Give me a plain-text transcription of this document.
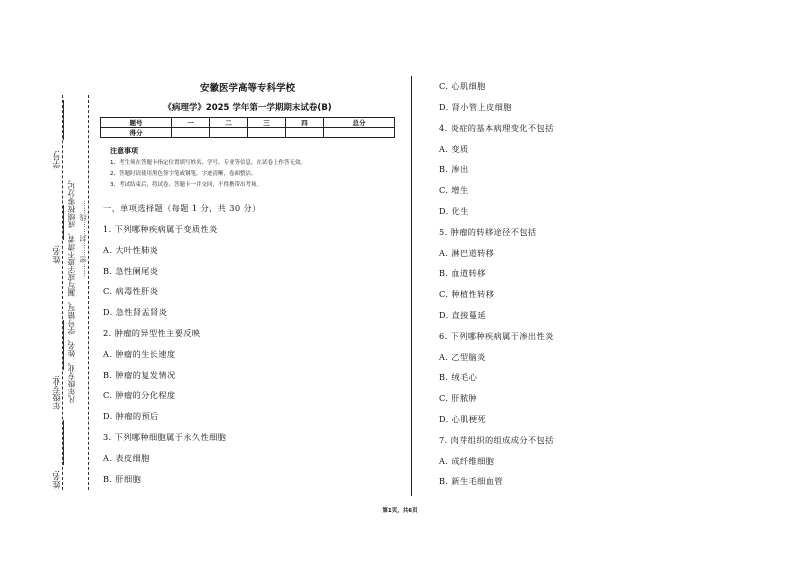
学号:
姓名:
年级专业:
姓名:
凡年级专业、姓名、学号错写、漏写或字迹不清者，成绩按零分记。 ……密……封……线……
安徽医学高等专科学校
《病理学》2025 学年第一学期期末试卷(B)
题号	一	二	三	四	总分
得分					
注意事项
1、考生须在答题卡指定位置填写姓名、学号、专业等信息，在试卷上作答无效。
2、答题时请使用黑色签字笔或钢笔，字迹清晰，卷面整洁。
3、考试结束后，将试卷、答题卡一并交回，不得携带出考场。
一、单项选择题（每题 1 分，共 30 分）
1. 下列哪种疾病属于变质性炎
A. 大叶性肺炎
B. 急性阑尾炎
C. 病毒性肝炎
D. 急性肾盂肾炎
2. 肿瘤的异型性主要反映
A. 肿瘤的生长速度
B. 肿瘤的复发情况
C. 肿瘤的分化程度
D. 肿瘤的预后
3. 下列哪种细胞属于永久性细胞
A. 表皮细胞
B. 肝细胞
C. 心肌细胞
D. 肾小管上皮细胞
4. 炎症的基本病理变化不包括
A. 变质
B. 渗出
C. 增生
D. 化生
5. 肿瘤的转移途径不包括
A. 淋巴道转移
B. 血道转移
C. 种植性转移
D. 直接蔓延
6. 下列哪种疾病属于渗出性炎
A. 乙型脑炎
B. 绒毛心
C. 肝脓肿
D. 心肌梗死
7. 肉芽组织的组成成分不包括
A. 成纤维细胞
B. 新生毛细血管
第1页，共6页
